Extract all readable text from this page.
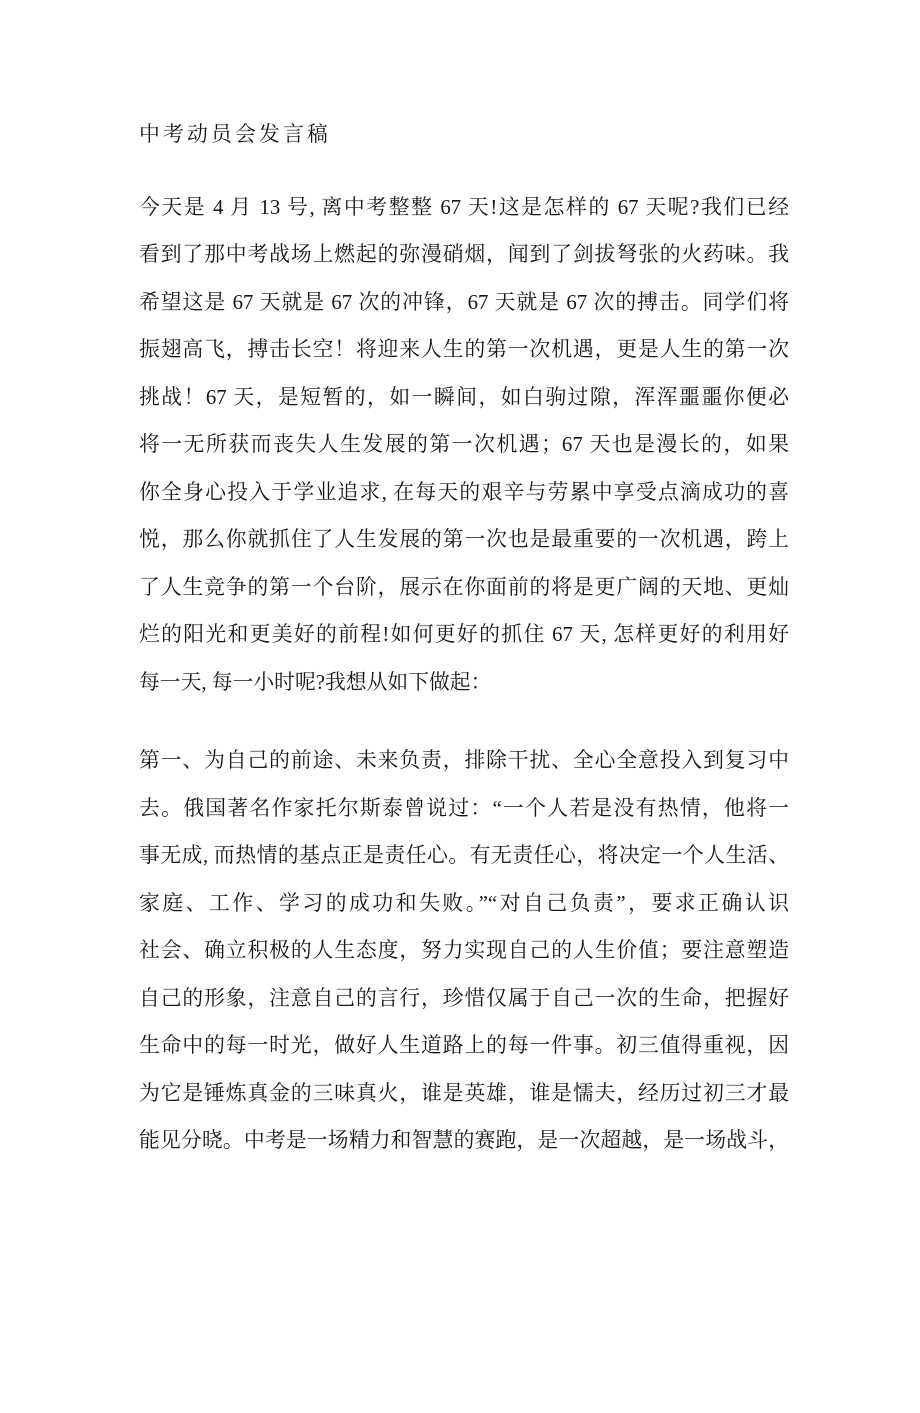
中考动员会发言稿
今天是 4 月 13 号, 离中考整整 67 天!这是怎样的 67 天呢?我们已经
看到了那中考战场上燃起的弥漫硝烟，闻到了剑拔弩张的火药味。我
希望这是 67 天就是 67 次的冲锋，67 天就是 67 次的搏击。同学们将
振翅高飞，搏击长空！将迎来人生的第一次机遇，更是人生的第一次
挑战！67 天，是短暂的，如一瞬间，如白驹过隙，浑浑噩噩你便必
将一无所获而丧失人生发展的第一次机遇；67 天也是漫长的，如果
你全身心投入于学业追求, 在每天的艰辛与劳累中享受点滴成功的喜
悦，那么你就抓住了人生发展的第一次也是最重要的一次机遇，跨上
了人生竞争的第一个台阶，展示在你面前的将是更广阔的天地、更灿
烂的阳光和更美好的前程!如何更好的抓住 67 天, 怎样更好的利用好
每一天, 每一小时呢?我想从如下做起：
第一、为自己的前途、未来负责，排除干扰、全心全意投入到复习中
去。俄国著名作家托尔斯泰曾说过：“一个人若是没有热情，他将一
事无成, 而热情的基点正是责任心。有无责任心，将决定一个人生活、
家庭、工作、学习的成功和失败。”“对自己负责”，要求正确认识
社会、确立积极的人生态度，努力实现自己的人生价值；要注意塑造
自己的形象，注意自己的言行，珍惜仅属于自己一次的生命，把握好
生命中的每一时光，做好人生道路上的每一件事。初三值得重视，因
为它是锤炼真金的三味真火，谁是英雄，谁是懦夫，经历过初三才最
能见分晓。中考是一场精力和智慧的赛跑，是一次超越，是一场战斗，
